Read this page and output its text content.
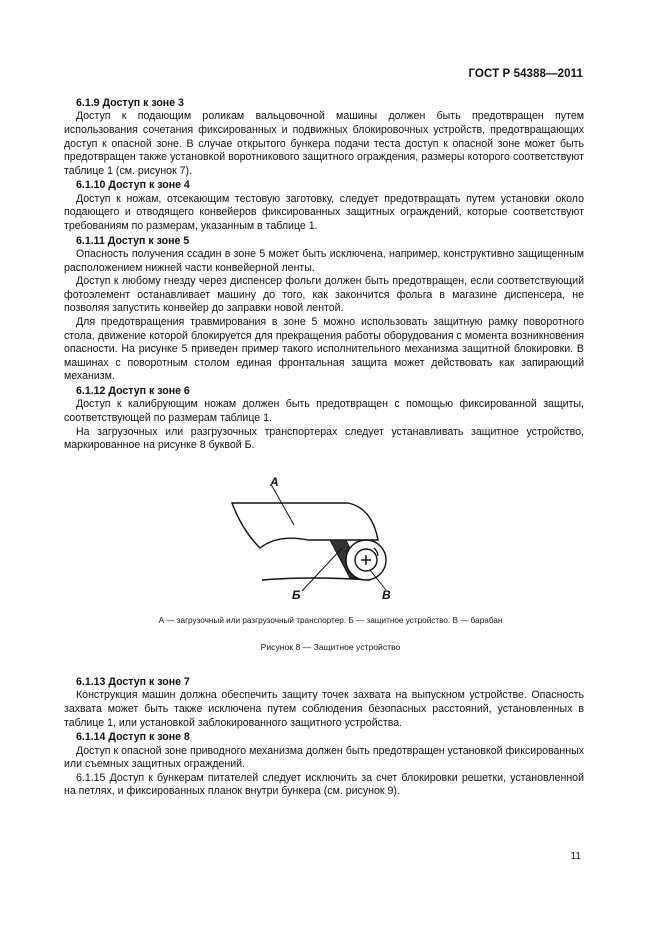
ГОСТ Р 54388—2011
6.1.9 Доступ к зоне 3

Доступ к подающим роликам вальцовочной машины должен быть предотвращен путем использования сочетания фиксированных и подвижных блокировочных устройств, предотвращающих доступ к опасной зоне. В случае открытого бункера подачи теста доступ к опасной зоне может быть предотвращен также установкой воротникового защитного ограждения, размеры которого соответствуют таблице 1 (см. рисунок 7).

6.1.10 Доступ к зоне 4

Доступ к ножам, отсекающим тестовую заготовку, следует предотвращать путем установки около подающего и отводящего конвейеров фиксированных защитных ограждений, которые соответствуют требованиям по размерам, указанным в таблице 1.

6.1.11 Доступ к зоне 5

Опасность получения ссадин в зоне 5 может быть исключена, например, конструктивно защищенным расположением нижней части конвейерной ленты.

Доступ к любому гнезду через диспенсер фольги должен быть предотвращен, если соответствующий фотоэлемент останавливает машину до того, как закончится фольга в магазине диспенсера, не позволяя запустить конвейер до заправки новой лентой.

Для предотвращения травмирования в зоне 5 можно использовать защитную рамку поворотного стола, движение которой блокируется для прекращения работы оборудования с момента возникновения опасности. На рисунке 5 приведен пример такого исполнительного механизма защитной блокировки. В машинах с поворотным столом единая фронтальная защита может действовать как запирающий механизм.

6.1.12 Доступ к зоне 6

Доступ к калибрующим ножам должен быть предотвращен с помощью фиксированной защиты, соответствующей по размерам таблице 1.

На загрузочных или разгрузочных транспортерах следует устанавливать защитное устройство, маркированное на рисунке 8 буквой Б.

А
Б	В
А — загрузочный или разгрузочный транспортер. Б — защитное устройство. В — барабан
Рисунок 8 — Защитное устройство
6.1.13 Доступ к зоне 7

Конструкция машин должна обеспечить защиту точек захвата на выпускном устройстве. Опасность захвата может быть также исключена путем соблюдения безопасных расстояний, установленных в таблице 1, или установкой заблокированного защитного устройства.

6.1.14 Доступ к зоне 8

Доступ к опасной зоне приводного механизма должен быть предотвращен установкой фиксированных или съемных защитных ограждений.

6.1.15 Доступ к бункерам питателей следует исключить за счет блокировки решетки, установленной на петлях, и фиксированных планок внутри бункера (см. рисунок 9).

11
